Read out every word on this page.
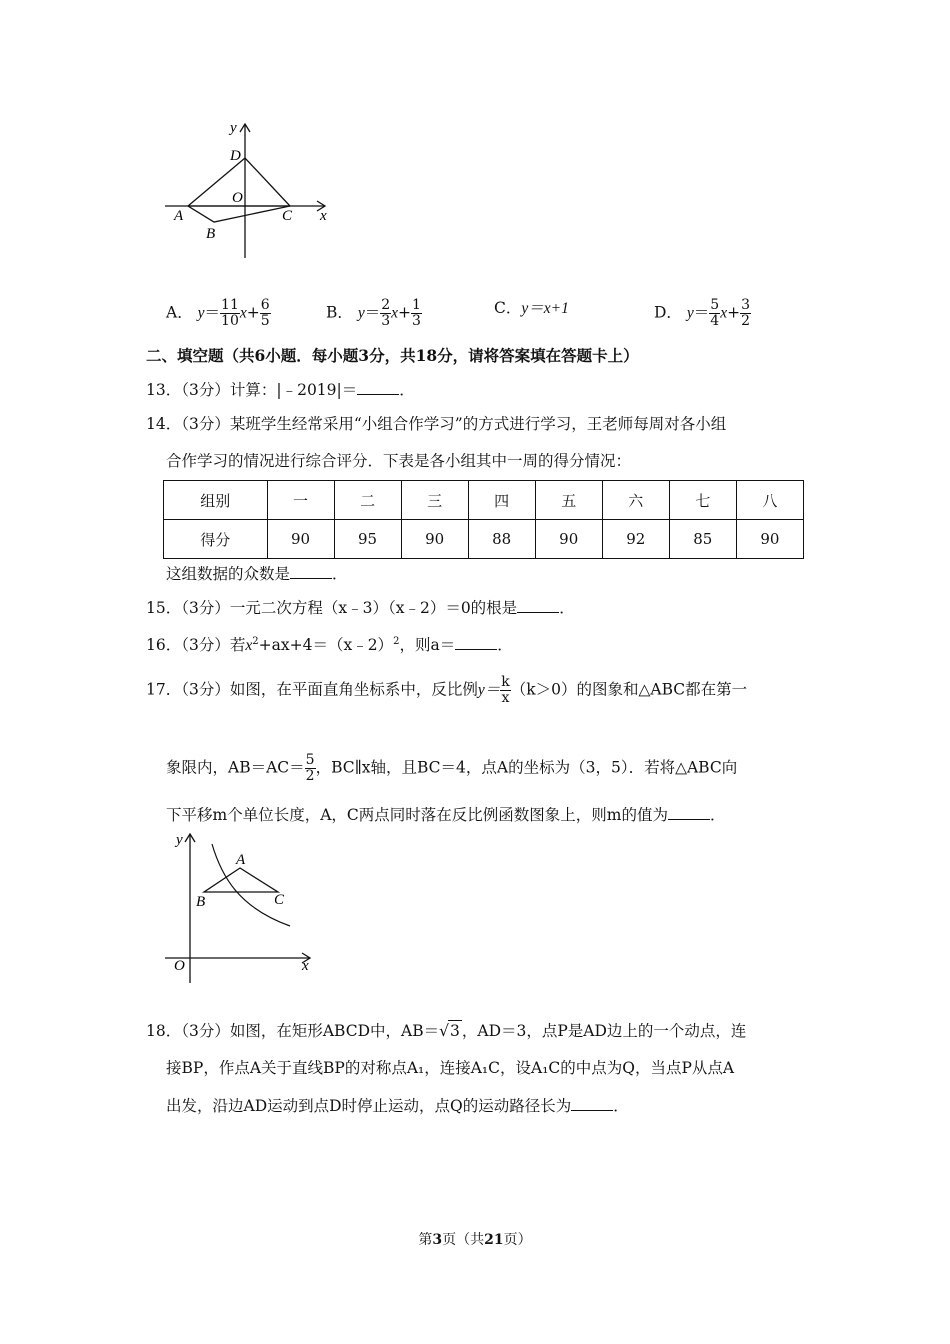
y
x
D
O
A
B
C
A． $y= \frac{11}{10} x+ \frac{6}{5}$	B． $y= \frac{2}{3} x+ \frac{1}{3}$	C．y＝x+1	D． $y= \frac{5}{4} x+ \frac{3}{2}$
二、填空题（共6小题．每小题3分，共18分，请将答案填在答题卡上）
13．（3分）计算：|﹣2019|＝	．
14．（3分）某班学生经常采用“小组合作学习”的方式进行学习，王老师每周对各小组
合作学习的情况进行综合评分．下表是各小组其中一周的得分情况：
组别	一	二	三	四	五	六	七	八
得分	90	95	90	88	90	92	85	90
这组数据的众数是	．
15．（3分）一元二次方程（x﹣3）（x﹣2）＝0的根是	．
16．（3分）若$x^2+ax+4=(x﹣2)^2$，则a＝	．
17．（3分）如图，在平面直角坐标系中，反比例$y= \frac{k}{x} (k>0)$的图象和△ABC都在第一
象限内，$AB=AC= \frac{5}{2}$ ，BC∥x轴，且BC＝4，点A的坐标为（3，5）．若将△ABC向
下平移m个单位长度，A，C两点同时落在反比例函数图象上，则m的值为	．
y
x
O
A
B	C
18．（3分）如图，在矩形ABCD中，AB＝√3 ，AD＝3，点P是AD边上的一个动点，连
接BP，作点A关于直线BP的对称点A₁，连接A₁C，设A₁C的中点为Q，当点P从点A
出发，沿边AD运动到点D时停止运动，点Q的运动路径长为	．
第3页（共21页）
